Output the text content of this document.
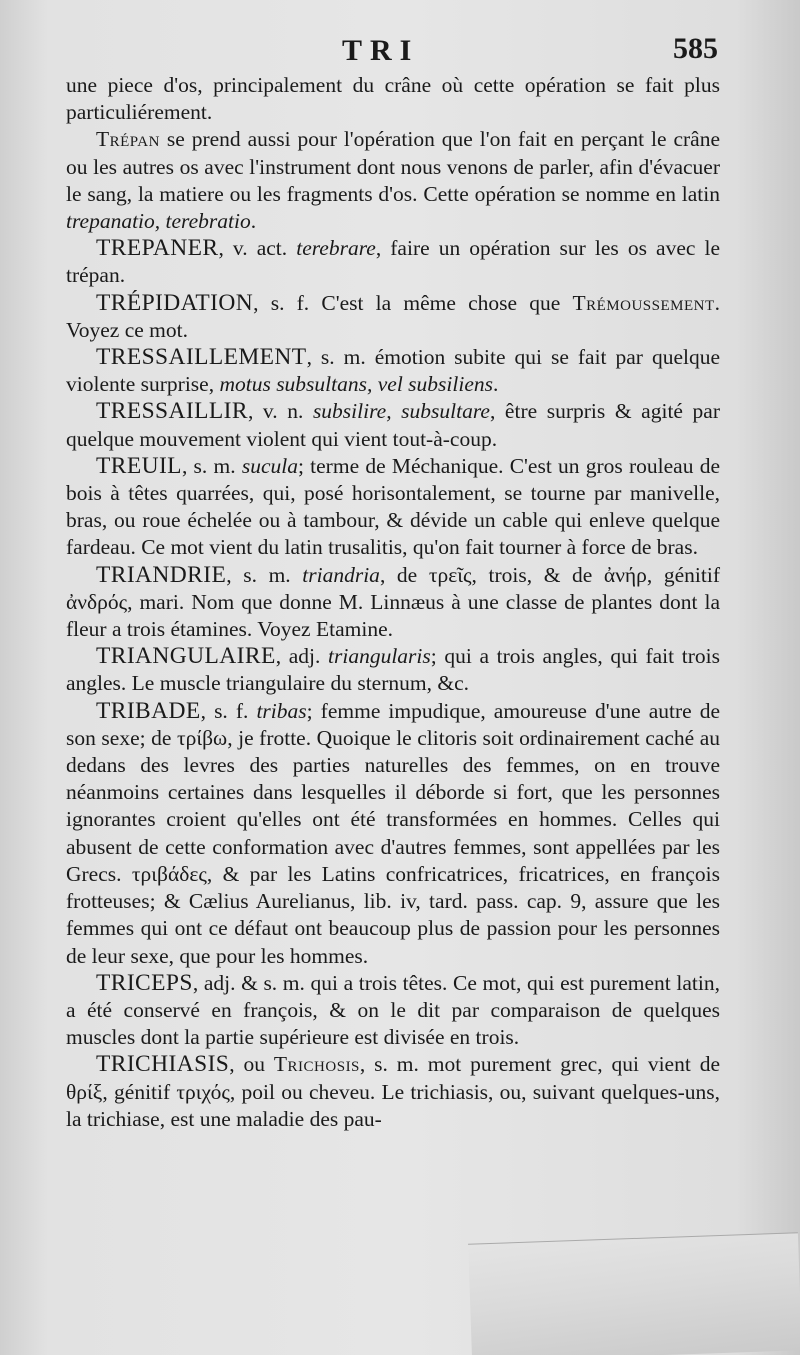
TRI	585

une piece d'os, principalement du crâne où cette opération se fait plus particuliérement.

Trépan se prend aussi pour l'opération que l'on fait en perçant le crâne ou les autres os avec l'instrument dont nous venons de parler, afin d'évacuer le sang, la matiere ou les fragments d'os. Cette opération se nomme en latin trepanatio, terebratio.

TREPANER, v. act. terebrare, faire un opération sur les os avec le trépan.

TRÉPIDATION, s. f. C'est la même chose que Trémoussement. Voyez ce mot.

TRESSAILLEMENT, s. m. émotion subite qui se fait par quelque violente surprise, motus subsultans, vel subsiliens.

TRESSAILLIR, v. n. subsilire, subsultare, être surpris & agité par quelque mouvement violent qui vient tout-à-coup.

TREUIL, s. m. sucula; terme de Méchanique. C'est un gros rouleau de bois à têtes quarrées, qui, posé horisontalement, se tourne par manivelle, bras, ou roue échelée ou à tambour, & dévide un cable qui enleve quelque fardeau. Ce mot vient du latin trusalitis, qu'on fait tourner à force de bras.

TRIANDRIE, s. m. triandria, de τρεῖς, trois, & de ἀνήρ, génitif ἀνδρός, mari. Nom que donne M. Linnæus à une classe de plantes dont la fleur a trois étamines. Voyez Etamine.

TRIANGULAIRE, adj. triangularis; qui a trois angles, qui fait trois angles. Le muscle triangulaire du sternum, &c.

TRIBADE, s. f. tribas; femme impudique, amoureuse d'une autre de son sexe; de τρίβω, je frotte. Quoique le clitoris soit ordinairement caché au dedans des levres des parties naturelles des femmes, on en trouve néanmoins certaines dans lesquelles il déborde si fort, que les personnes ignorantes croient qu'elles ont été transformées en hommes. Celles qui abusent de cette conformation avec d'autres femmes, sont appellées par les Grecs. τριβάδες, & par les Latins confricatrices, fricatrices, en françois frotteuses; & Cælius Aurelianus, lib. iv, tard. pass. cap. 9, assure que les femmes qui ont ce défaut ont beaucoup plus de passion pour les personnes de leur sexe, que pour les hommes.

TRICEPS, adj. & s. m. qui a trois têtes. Ce mot, qui est purement latin, a été conservé en françois, & on le dit par comparaison de quelques muscles dont la partie supérieure est divisée en trois.

TRICHIASIS, ou Trichosis, s. m. mot purement grec, qui vient de θρίξ, génitif τριχός, poil ou cheveu. Le trichiasis, ou, suivant quelques-uns, la trichiase, est une maladie des pau-
